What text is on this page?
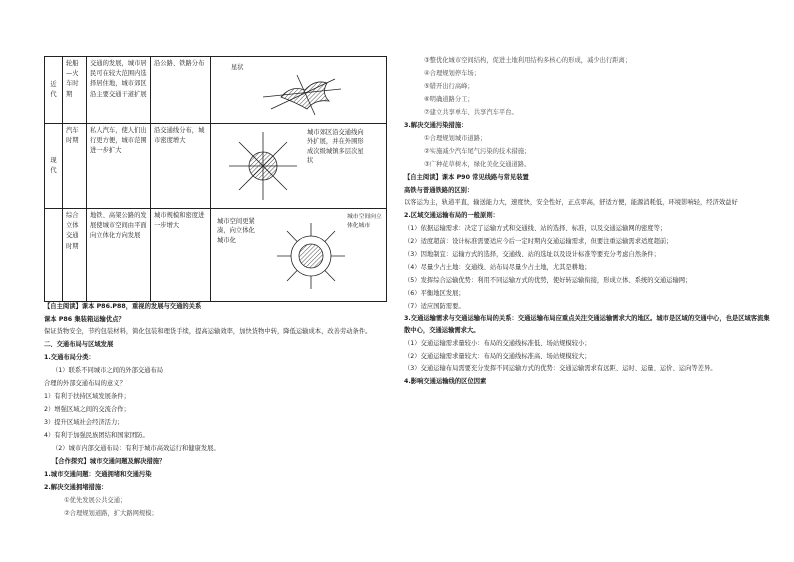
近代	轮船—火车时期	交通的发展，城市居民可在较大范围内选择居住地，城市郊区沿主要交通干道扩展	沿公路、铁路分布	星状

现代	汽车时期	私人汽车，使人们出行更方便，城市范围进一步扩大	沿交通线分布，城市密度增大	城市郊区沿交通线向外扩展，并在外围形成次级城镇多层次星状

	综合立体交通时期	地铁、高架公路的发展使城市空间由平面向立体化方向发展	城市规模和密度进一步增大	城市空间更紧凑，向立体化城市化
城市空间向立体化城市

【自主阅读】课本 P86.P88，重视的发展与交通的关系

课本 P86 集装箱运输优点？

保证货物安全，节约包装材料，简化包装和理货手续，提高运输效率，加快货物中转，降低运输成本，改善劳动条件。

二、交通布局与区域发展

1.交通布局分类：

（1）联系不同城市之间的外部交通布局

合理的外部交通布局的意义？

1）有利于扶持区域发展条件；

2）增强区域之间的交流合作；

3）提升区域社会经济活力；

4）有利于加强民族团结和国家团防。

（2）城市内部交通布局：有利于城市高效运行和健康发展。

【合作探究】城市交通问题及解决措施？

1.城市交通问题：交通拥堵和交通污染

2.解决交通拥堵措施：

①优先发展公共交通；

②合理规划道路，扩大路网规模；

③整优化城市空间结构，促进土地利用结构多核心的形成，减少出行距离；

④合理规划停车场；

⑤错开出行高峰；

⑥明确道路分工；

⑦建立共享单车、共享汽车平台。

3.解决交通污染措施：

①合理规划城市道路；

②实施减少汽车尾气污染的技术措施；

③广种花草树木，绿化美化交通道路。

【自主阅读】课本 P90 常见线路与常见装置

高铁与普通铁路的区别：

以客运为主，轨道平直，输送能力大，速度快，安全性好，正点率高，舒适方便，能源消耗低，环境影响轻，经济效益好

2.区域交通运输布局的一般原则：

（1）依据运输需求：决定了运输方式和交通线、站的选择、标准，以及交通运输网的密度等；

（2）适度超前：设计标准需要适应今后一定时期内交通运输需求，但要注重运输需求适度超前；

（3）因地制宜：运输方式的选择，交通线、站的选址以及设计标准等要充分考虑自然条件；

（4）尽量少占土地：交通线、站布局尽量少占土地，尤其是耕地；

（5）发挥综合运输优势：利用不同运输方式的优势，使好转运输衔接，形成立体、系统的交通运输网；

（6）平衡地区发展；

（7）适应国防需要。

3.交通运输需求与交通运输布局的关系：交通运输布局应重点关注交通运输需求大的地区。城市是区域的交通中心，也是区域客流集散中心，交通运输需求大。

（1）交通运输需求量较小：布局的交通线标准低、场站规模较小；

（2）交通运输需求量较大：布局的交通线标准高、场站规模较大；

（3）交通运输布局需要充分发挥不同运输方式的优势：交通运输需求有远距、运时、运量、运价、运向等差异。

4.影响交通运输线的区位因素
